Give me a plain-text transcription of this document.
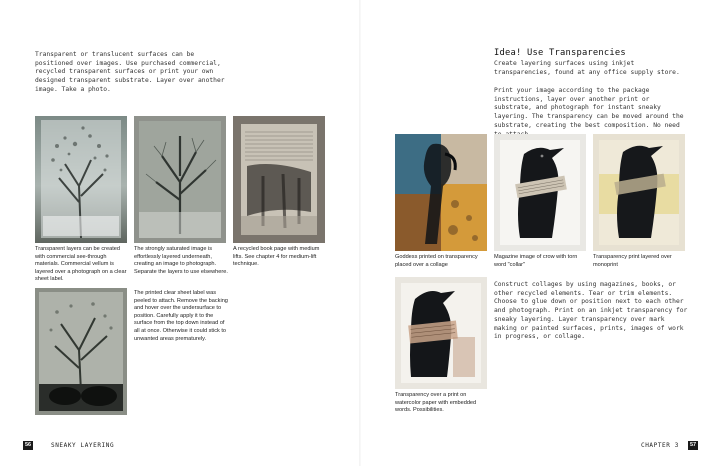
Transparent or translucent surfaces can be positioned over images. Use purchased commercial, recycled transparent surfaces or print your own designed transparent substrate. Layer over another image. Take a photo.
Transparent layers can be created with commercial see-through materials. Commercial vellum is layered over a photograph on a clear sheet label.
The strongly saturated image is effortlessly layered underneath, creating an image to photograph. Separate the layers to use elsewhere.
A recycled book page with medium lifts. See chapter 4 for medium-lift technique.
The printed clear sheet label was peeled to attach. Remove the backing and hover over the undersurface to position. Carefully apply it to the surface from the top down instead of all at once. Otherwise it could stick to unwanted areas prematurely.
56	SNEAKY LAYERING
Idea! Use Transparencies
Create layering surfaces using inkjet transparencies, found at any office supply store.
Print your image according to the package instructions, layer over another print or substrate, and photograph for instant sneaky layering. The transparency can be moved around the substrate, creating the best composition. No need
Construct collages by using magazines, books, or other recycled elements. Tear or trim elements. Choose to glue down or position next to each other and photograph. Print on an inkjet transparency for sneaky layering. Layer transparency over mark making or painted surfaces, prints, images of work in progress, or collage.
Goddess printed on transparency placed over a collage
Magazine image of crow with torn word "collar"
Transparency print layered over monoprint
Transparency over a print on watercolor paper with embedded words. Possibilities.
CHAPTER 3	57
